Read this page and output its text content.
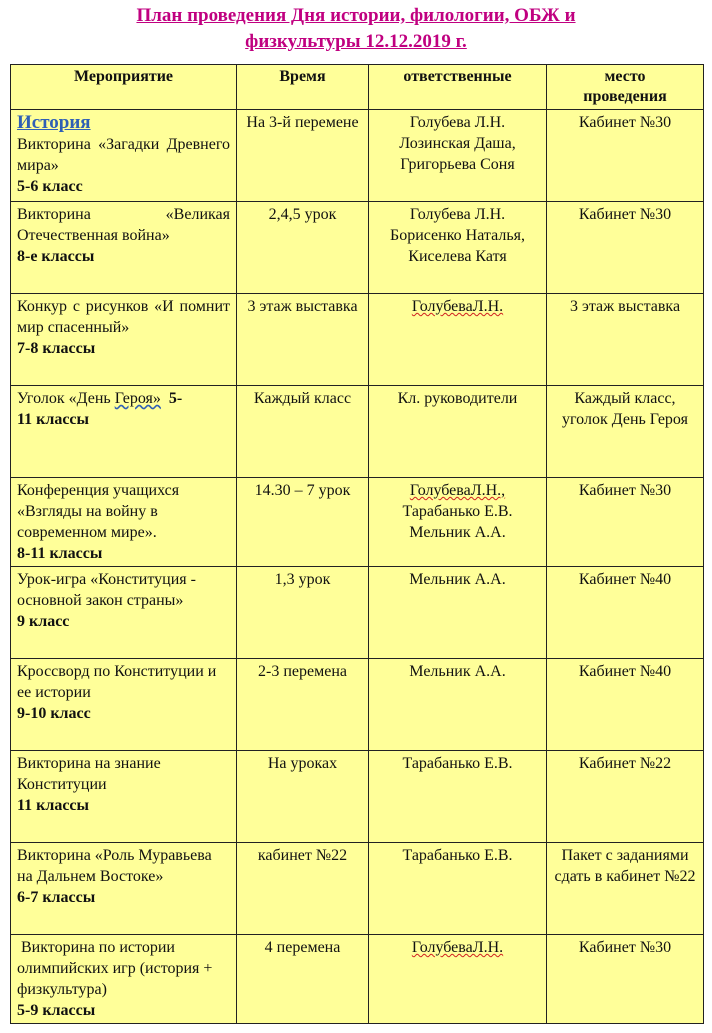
План проведения Дня истории, филологии, ОБЖ и
физкультуры 12.12.2019 г.
Мероприятие	Время	ответственные	место
проведения

История
Викторина «Загадки Древнего мира»
5-6 класс	На 3-й перемене	Голубева Л.Н.
Лозинская Даша,
Григорьева Соня	Кабинет №30

Викторина «Великая Отечественная война»
8-е классы	2,4,5 урок	Голубева Л.Н.
Борисенко Наталья,
Киселева Катя	Кабинет №30

Конкур с рисунков «И помнит мир спасенный»
7-8 классы	3 этаж выставка	ГолубеваЛ.Н.	3 этаж выставка

Уголок «День Героя» 5-
11 классы	Каждый класс	Кл. руководители	Каждый класс, уголок День Героя

Конференция учащихся «Взгляды на войну в современном мире».
8-11 классы	14.30 – 7 урок	ГолубеваЛ.Н.,
Тарабанько Е.В.
Мельник А.А.	Кабинет №30

Урок-игра «Конституция - основной закон страны»
9 класс	1,3 урок	Мельник А.А.	Кабинет №40

Кроссворд по Конституции и ее истории
9-10 класс	2-3 перемена	Мельник А.А.	Кабинет №40

Викторина на знание Конституции
11 классы	На уроках	Тарабанько Е.В.	Кабинет №22

Викторина «Роль Муравьева на Дальнем Востоке»
6-7 классы	кабинет №22	Тарабанько Е.В.	Пакет с заданиями сдать в кабинет №22

Викторина по истории олимпийских игр (история + физкультура)
5-9 классы	4 перемена	ГолубеваЛ.Н.	Кабинет №30
